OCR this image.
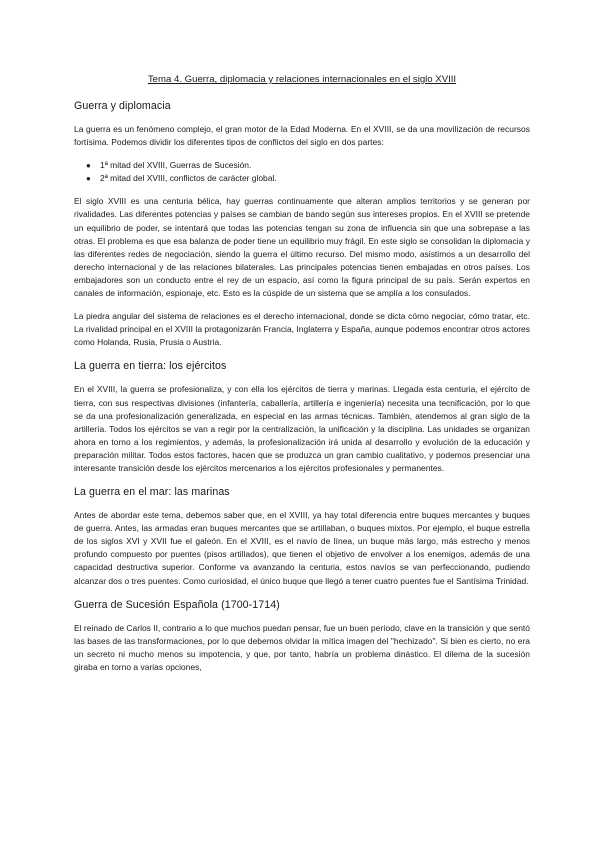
Tema 4. Guerra, diplomacia y relaciones internacionales en el siglo XVIII
Guerra y diplomacia

La guerra es un fenómeno complejo, el gran motor de la Edad Moderna. En el XVIII, se da una movilización de recursos fortísima. Podemos dividir los diferentes tipos de conflictos del siglo en dos partes:

● 1ª mitad del XVIII, Guerras de Sucesión.
● 2ª mitad del XVIII, conflictos de carácter global.

El siglo XVIII es una centuria bélica, hay guerras continuamente que alteran amplios territorios y se generan por rivalidades. Las diferentes potencias y países se cambian de bando según sus intereses propios. En el XVIII se pretende un equilibrio de poder, se intentará que todas las potencias tengan su zona de influencia sin que una sobrepase a las otras. El problema es que esa balanza de poder tiene un equilibrio muy frágil. En este siglo se consolidan la diplomacia y las diferentes redes de negociación, siendo la guerra el último recurso. Del mismo modo, asistimos a un desarrollo del derecho internacional y de las relaciones bilaterales. Las principales potencias tienen embajadas en otros países. Los embajadores son un conducto entre el rey de un espacio, así como la figura principal de su país. Serán expertos en canales de información, espionaje, etc. Esto es la cúspide de un sistema que se amplía a los consulados.

La piedra angular del sistema de relaciones es el derecho internacional, donde se dicta cómo negociar, cómo tratar, etc. La rivalidad principal en el XVIII la protagonizarán Francia, Inglaterra y España, aunque podemos encontrar otros actores como Holanda, Rusia, Prusia o Austria.

La guerra en tierra: los ejércitos

En el XVIII, la guerra se profesionaliza, y con ella los ejércitos de tierra y marinas. Llegada esta centuria, el ejército de tierra, con sus respectivas divisiones (infantería, caballería, artillería e ingeniería) necesita una tecnificación, por lo que se da una profesionalización generalizada, en especial en las armas técnicas. También, atendemos al gran siglo de la artillería. Todos los ejércitos se van a regir por la centralización, la unificación y la disciplina. Las unidades se organizan ahora en torno a los regimientos, y además, la profesionalización irá unida al desarrollo y evolución de la educación y preparación militar. Todos estos factores, hacen que se produzca un gran cambio cualitativo, y podemos presenciar una interesante transición desde los ejércitos mercenarios a los ejércitos profesionales y permanentes.

La guerra en el mar: las marinas

Antes de abordar este tema, debemos saber que, en el XVIII, ya hay total diferencia entre buques mercantes y buques de guerra. Antes, las armadas eran buques mercantes que se artillaban, o buques mixtos. Por ejemplo, el buque estrella de los siglos XVI y XVII fue el galeón. En el XVIII, es el navío de línea, un buque más largo, más estrecho y menos profundo compuesto por puentes (pisos artillados), que tienen el objetivo de envolver a los enemigos, además de una capacidad destructiva superior. Conforme va avanzando la centuria, estos navíos se van perfeccionando, pudiendo alcanzar dos o tres puentes. Como curiosidad, el único buque que llegó a tener cuatro puentes fue el Santísima Trinidad.

Guerra de Sucesión Española (1700-1714)

El reinado de Carlos II, contrario a lo que muchos puedan pensar, fue un buen período, clave en la transición y que sentó las bases de las transformaciones, por lo que debemos olvidar la mítica imagen del "hechizado". Si bien es cierto, no era un secreto ni mucho menos su impotencia, y que, por tanto, habría un problema dinástico. El dilema de la sucesión giraba en torno a varias opciones,
